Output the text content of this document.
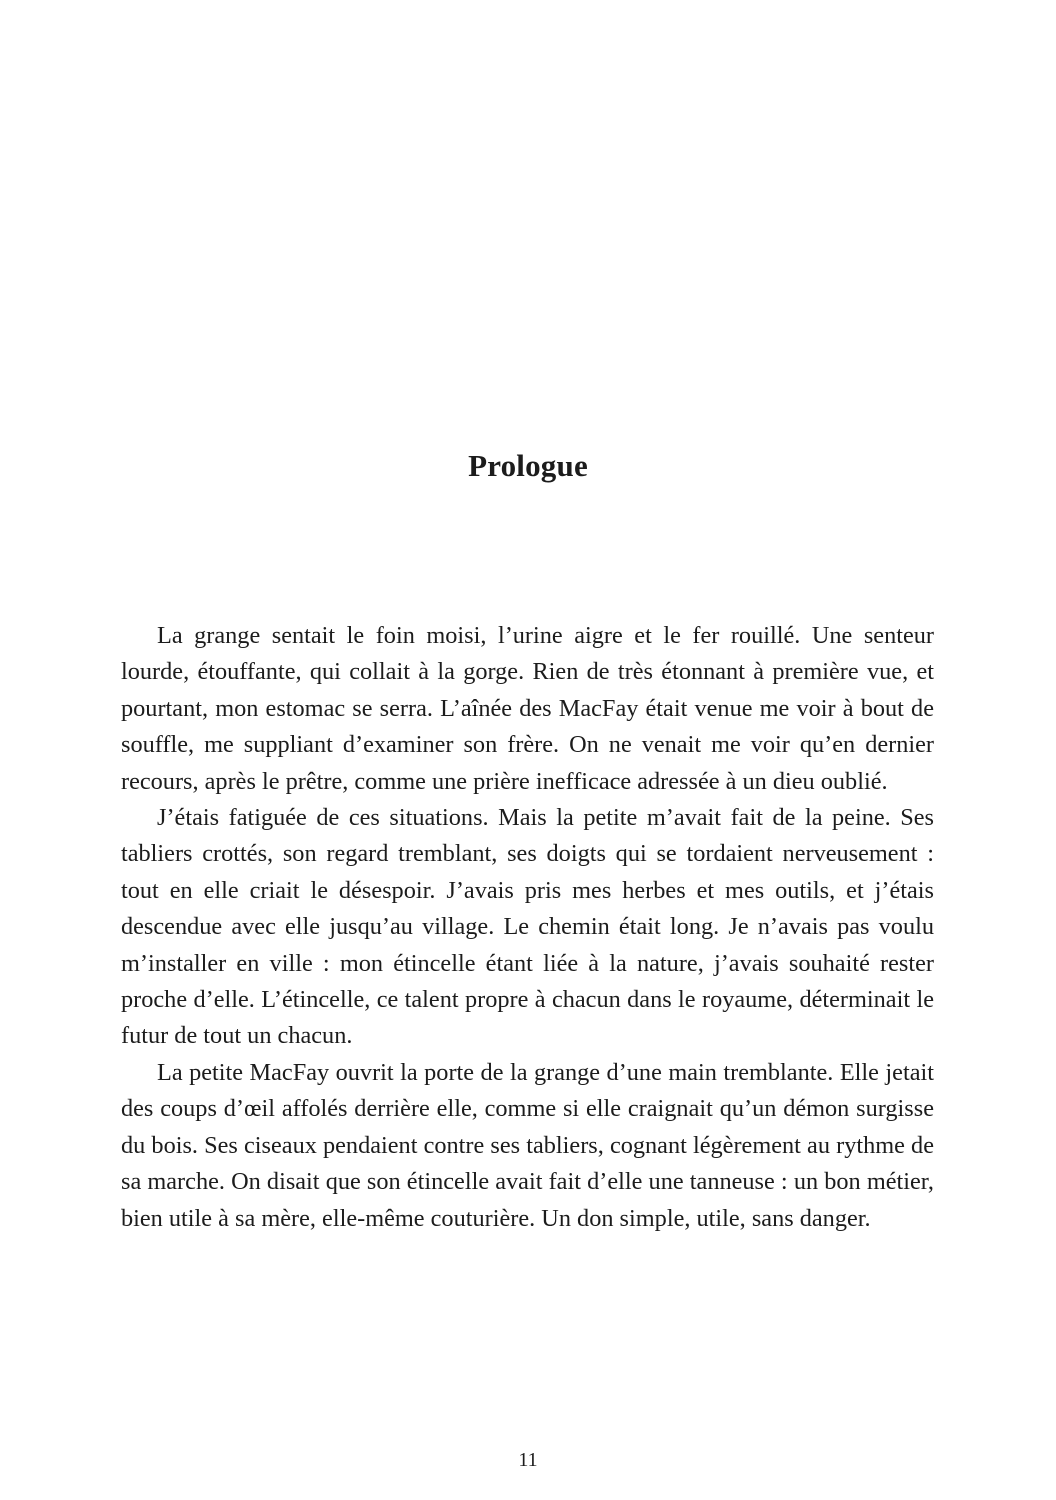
Prologue

La grange sentait le foin moisi, l’urine aigre et le fer rouillé. Une senteur lourde, étouffante, qui collait à la gorge. Rien de très étonnant à première vue, et pourtant, mon estomac se serra. L’aînée des MacFay était venue me voir à bout de souffle, me suppliant d’examiner son frère. On ne venait me voir qu’en dernier recours, après le prêtre, comme une prière inefficace adressée à un dieu oublié.

J’étais fatiguée de ces situations. Mais la petite m’avait fait de la peine. Ses tabliers crottés, son regard tremblant, ses doigts qui se tordaient nerveusement : tout en elle criait le désespoir. J’avais pris mes herbes et mes outils, et j’étais descendue avec elle jusqu’au village. Le chemin était long. Je n’avais pas voulu m’installer en ville : mon étincelle étant liée à la nature, j’avais souhaité rester proche d’elle. L’étincelle, ce talent propre à chacun dans le royaume, déterminait le futur de tout un chacun.

La petite MacFay ouvrit la porte de la grange d’une main tremblante. Elle jetait des coups d’œil affolés derrière elle, comme si elle craignait qu’un démon surgisse du bois. Ses ciseaux pendaient contre ses tabliers, cognant légèrement au rythme de sa marche. On disait que son étincelle avait fait d’elle une tanneuse : un bon métier, bien utile à sa mère, elle-même couturière. Un don simple, utile, sans danger.

11
